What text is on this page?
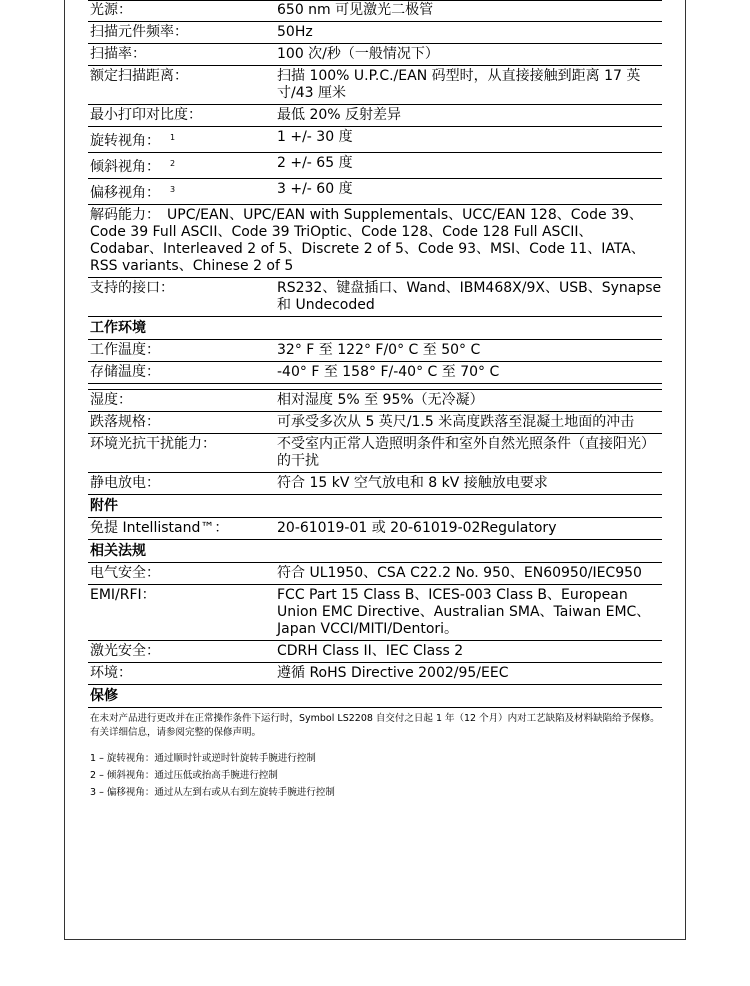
光源：	650 nm 可见激光二极管
扫描元件频率：	50Hz
扫描率：	100 次/秒（一般情况下）
额定扫描距离：	扫描 100% U.P.C./EAN 码型时，从直接接触到距离 17 英寸/43 厘米
最小打印对比度：	最低 20% 反射差异
旋转视角： $^1$	1 +/- 30 度
倾斜视角： $^2$	2 +/- 65 度
偏移视角： $^3$	3 +/- 60 度
解码能力：　UPC/EAN、UPC/EAN with Supplementals、UCC/EAN 128、Code 39、Code 39 Full ASCII、Code 39 TriOptic、Code 128、Code 128 Full ASCII、Codabar、Interleaved 2 of 5、Discrete 2 of 5、Code 93、MSI、Code 11、IATA、RSS variants、Chinese 2 of 5
支持的接口：	RS232、键盘插口、Wand、IBM468X/9X、USB、Synapse 和 Undecoded
工作环境
工作温度：	32° F 至 122° F/0° C 至 50° C
存储温度：	-40° F 至 158° F/-40° C 至 70° C
湿度：	相对湿度 5% 至 95%（无冷凝）
跌落规格：	可承受多次从 5 英尺/1.5 米高度跌落至混凝土地面的冲击
环境光抗干扰能力：	不受室内正常人造照明条件和室外自然光照条件（直接阳光）的干扰
静电放电：	符合 15 kV 空气放电和 8 kV 接触放电要求
附件
免提 Intellistand™：	20-61019-01 或 20-61019-02Regulatory
相关法规
电气安全：	符合 UL1950、CSA C22.2 No. 950、EN60950/IEC950
EMI/RFI：	FCC Part 15 Class B、ICES-003 Class B、European Union EMC Directive、Australian SMA、Taiwan EMC、Japan VCCI/MITI/Dentori。
激光安全：	CDRH Class II、IEC Class 2
环境：	遵循 RoHS Directive 2002/95/EEC
保修
在未对产品进行更改并在正常操作条件下运行时，Symbol LS2208 自交付之日起 1 年（12 个月）内对工艺缺陷及材料缺陷给予保修。有关详细信息，请参阅完整的保修声明。
1 – 旋转视角：通过顺时针或逆时针旋转手腕进行控制
2 – 倾斜视角：通过压低或抬高手腕进行控制
3 – 偏移视角：通过从左到右或从右到左旋转手腕进行控制
